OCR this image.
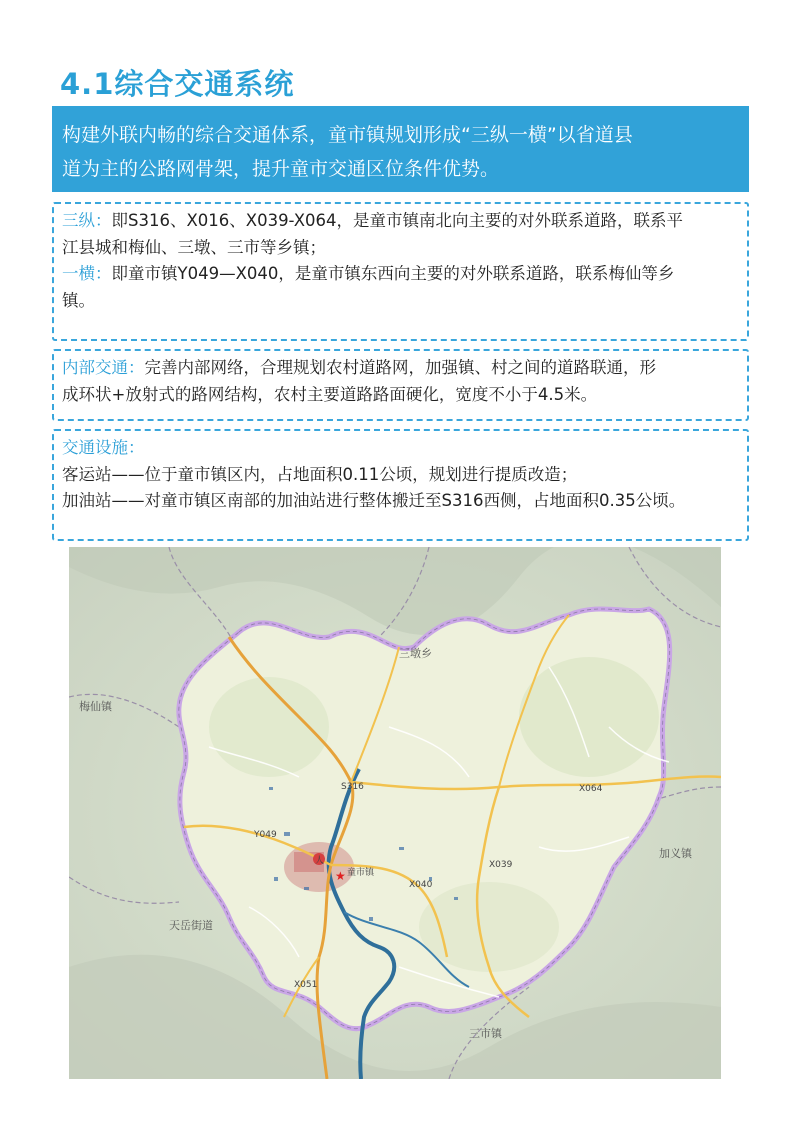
4.1综合交通系统
构建外联内畅的综合交通体系，童市镇规划形成“三纵一横”以省道县
道为主的公路网骨架，提升童市交通区位条件优势。
三纵：即S316、X016、X039-X064，是童市镇南北向主要的对外联系道路，联系平
江县城和梅仙、三墩、三市等乡镇；
一横：即童市镇Y049—X040，是童市镇东西向主要的对外联系道路，联系梅仙等乡
镇。
内部交通：完善内部网络，合理规划农村道路网，加强镇、村之间的道路联通，形
成环状+放射式的路网结构，农村主要道路路面硬化，宽度不小于4.5米。
交通设施：
客运站——位于童市镇区内，占地面积0.11公顷，规划进行提质改造；
加油站——对童市镇区南部的加油站进行整体搬迁至S316西侧，占地面积0.35公顷。
人
★
三墩乡
梅仙镇
加义镇
天岳街道
三市镇
童市镇
S316
Y049
X064
X040
X039
X051
